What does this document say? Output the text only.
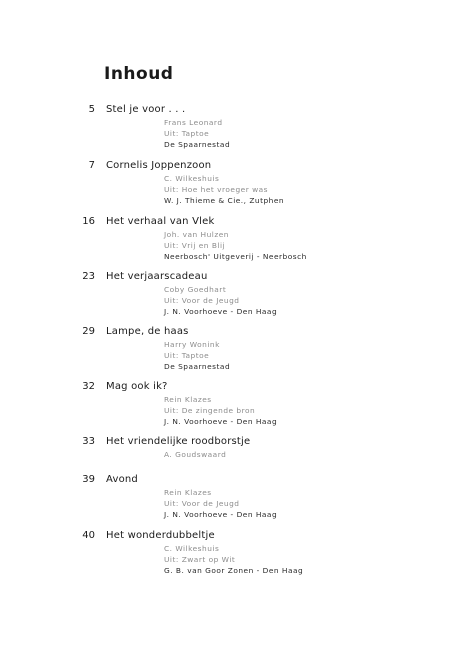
Inhoud
5 Stel je voor . . .
Frans Leonard
Uit: Taptoe
De Spaarnestad
7 Cornelis Joppenzoon
C. Wilkeshuis
Uit: Hoe het vroeger was
W. J. Thieme & Cie., Zutphen
16 Het verhaal van Vlek
Joh. van Hulzen
Uit: Vrij en Blij
Neerbosch' Uitgeverij - Neerbosch
23 Het verjaarscadeau
Coby Goedhart
Uit: Voor de Jeugd
J. N. Voorhoeve - Den Haag
29 Lampe, de haas
Harry Wonink
Uit: Taptoe
De Spaarnestad
32 Mag ook ik?
Rein Klazes
Uit: De zingende bron
J. N. Voorhoeve - Den Haag
33 Het vriendelijke roodborstje
A. Goudswaard
39 Avond
Rein Klazes
Uit: Voor de Jeugd
J. N. Voorhoeve - Den Haag
40 Het wonderdubbeltje
C. Wilkeshuis
Uit: Zwart op Wit
G. B. van Goor Zonen - Den Haag
